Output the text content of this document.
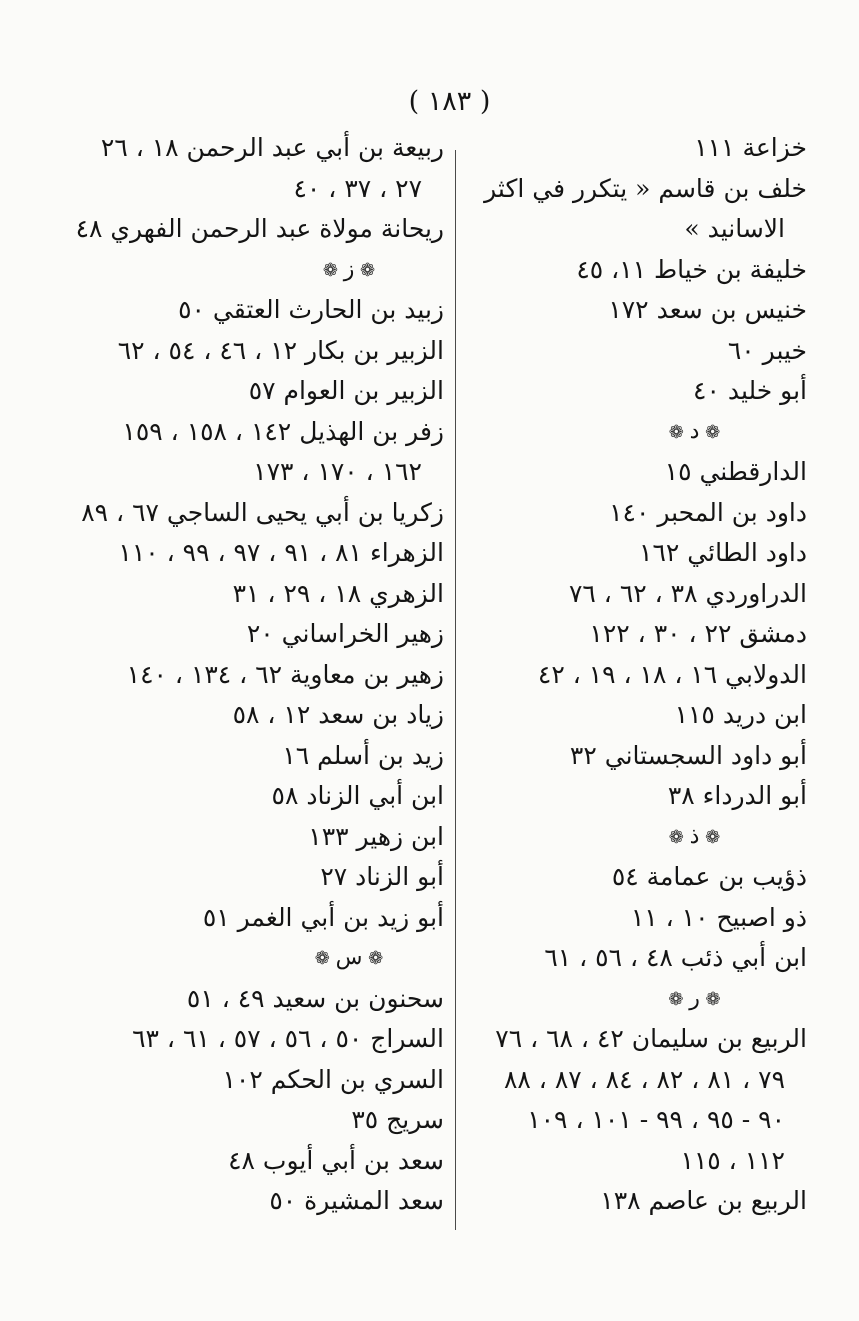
( ١٨٣ )
خزاعة ١١١
خلف بن قاسم « يتكرر في اكثر
الاسانيد »
خليفة بن خياط ١١، ٤٥
خنيس بن سعد ١٧٢
خيبر ٦٠
أبو خليد ٤٠
❁ د ❁
الدارقطني ١٥
داود بن المحبر ١٤٠
داود الطائي ١٦٢
الدراوردي ٣٨ ، ٦٢ ، ٧٦
دمشق ٢٢ ، ٣٠ ، ١٢٢
الدولابي ١٦ ، ١٨ ، ١٩ ، ٤٢
ابن دريد ١١٥
أبو داود السجستاني ٣٢
أبو الدرداء ٣٨
❁ ذ ❁
ذؤيب بن عمامة ٥٤
ذو اصبيح ١٠ ، ١١
ابن أبي ذئب ٤٨ ، ٥٦ ، ٦١
❁ ر ❁
الربيع بن سليمان ٤٢ ، ٦٨ ، ٧٦
٧٩ ، ٨١ ، ٨٢ ، ٨٤ ، ٨٧ ، ٨٨
٩٠ - ٩٥ ، ٩٩ - ١٠١ ، ١٠٩
١١٢ ، ١١٥
الربيع بن عاصم ١٣٨
ربيعة بن أبي عبد الرحمن ١٨ ، ٢٦
٢٧ ، ٣٧ ، ٤٠
ريحانة مولاة عبد الرحمن الفهري ٤٨
❁ ز ❁
زبيد بن الحارث العتقي ٥٠
الزبير بن بكار ١٢ ، ٤٦ ، ٥٤ ، ٦٢
الزبير بن العوام ٥٧
زفر بن الهذيل ١٤٢ ، ١٥٨ ، ١٥٩
١٦٢ ، ١٧٠ ، ١٧٣
زكريا بن أبي يحيى الساجي ٦٧ ، ٨٩
الزهراء ٨١ ، ٩١ ، ٩٧ ، ٩٩ ، ١١٠
الزهري ١٨ ، ٢٩ ، ٣١
زهير الخراساني ٢٠
زهير بن معاوية ٦٢ ، ١٣٤ ، ١٤٠
زياد بن سعد ١٢ ، ٥٨
زيد بن أسلم ١٦
ابن أبي الزناد ٥٨
ابن زهير ١٣٣
أبو الزناد ٢٧
أبو زيد بن أبي الغمر ٥١
❁ س ❁
سحنون بن سعيد ٤٩ ، ٥١
السراج ٥٠ ، ٥٦ ، ٥٧ ، ٦١ ، ٦٣
السري بن الحكم ١٠٢
سريج ٣٥
سعد بن أبي أيوب ٤٨
سعد المشيرة ٥٠
